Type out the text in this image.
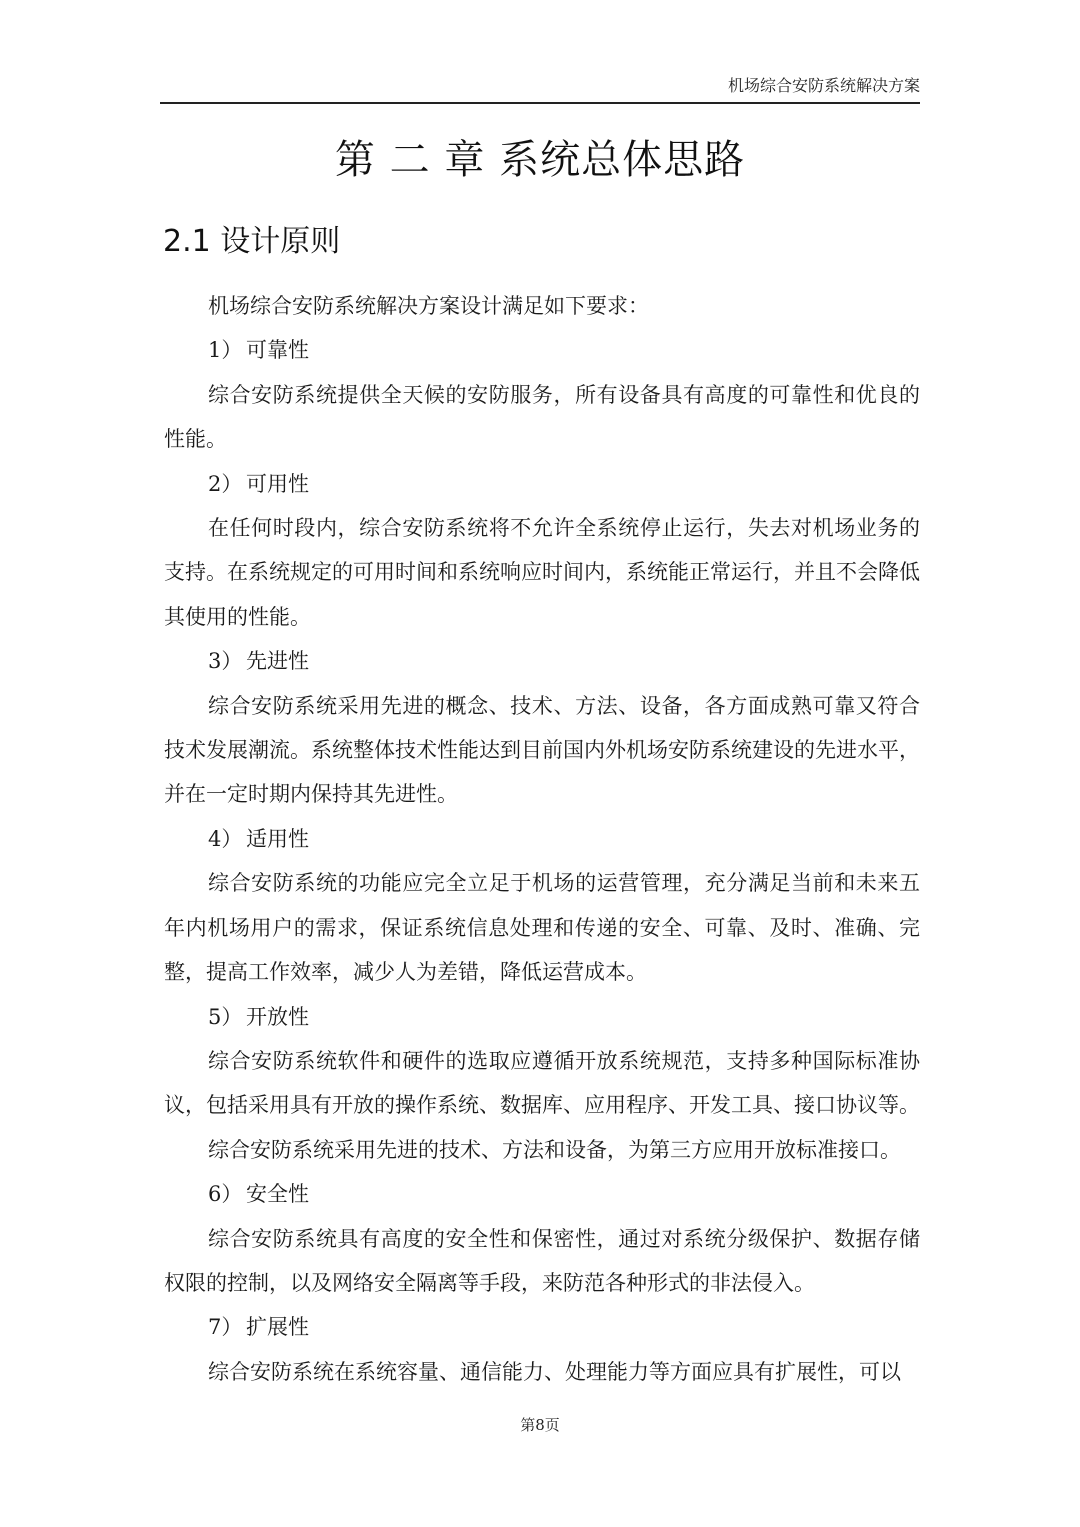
机场综合安防系统解决方案
第 二 章 系统总体思路
2.1 设计原则

机场综合安防系统解决方案设计满足如下要求：

1） 可靠性

综合安防系统提供全天候的安防服务，所有设备具有高度的可靠性和优良的性能。

2） 可用性

在任何时段内，综合安防系统将不允许全系统停止运行，失去对机场业务的支持。在系统规定的可用时间和系统响应时间内，系统能正常运行，并且不会降低其使用的性能。

3） 先进性

综合安防系统采用先进的概念、技术、方法、设备，各方面成熟可靠又符合技术发展潮流。系统整体技术性能达到目前国内外机场安防系统建设的先进水平，并在一定时期内保持其先进性。

4） 适用性

综合安防系统的功能应完全立足于机场的运营管理，充分满足当前和未来五年内机场用户的需求，保证系统信息处理和传递的安全、可靠、及时、准确、完整，提高工作效率，减少人为差错，降低运营成本。

5） 开放性

综合安防系统软件和硬件的选取应遵循开放系统规范，支持多种国际标准协议，包括采用具有开放的操作系统、数据库、应用程序、开发工具、接口协议等。

综合安防系统采用先进的技术、方法和设备，为第三方应用开放标准接口。

6） 安全性

综合安防系统具有高度的安全性和保密性，通过对系统分级保护、数据存储权限的控制，以及网络安全隔离等手段，来防范各种形式的非法侵入。

7） 扩展性

综合安防系统在系统容量、通信能力、处理能力等方面应具有扩展性，可以

第8页
